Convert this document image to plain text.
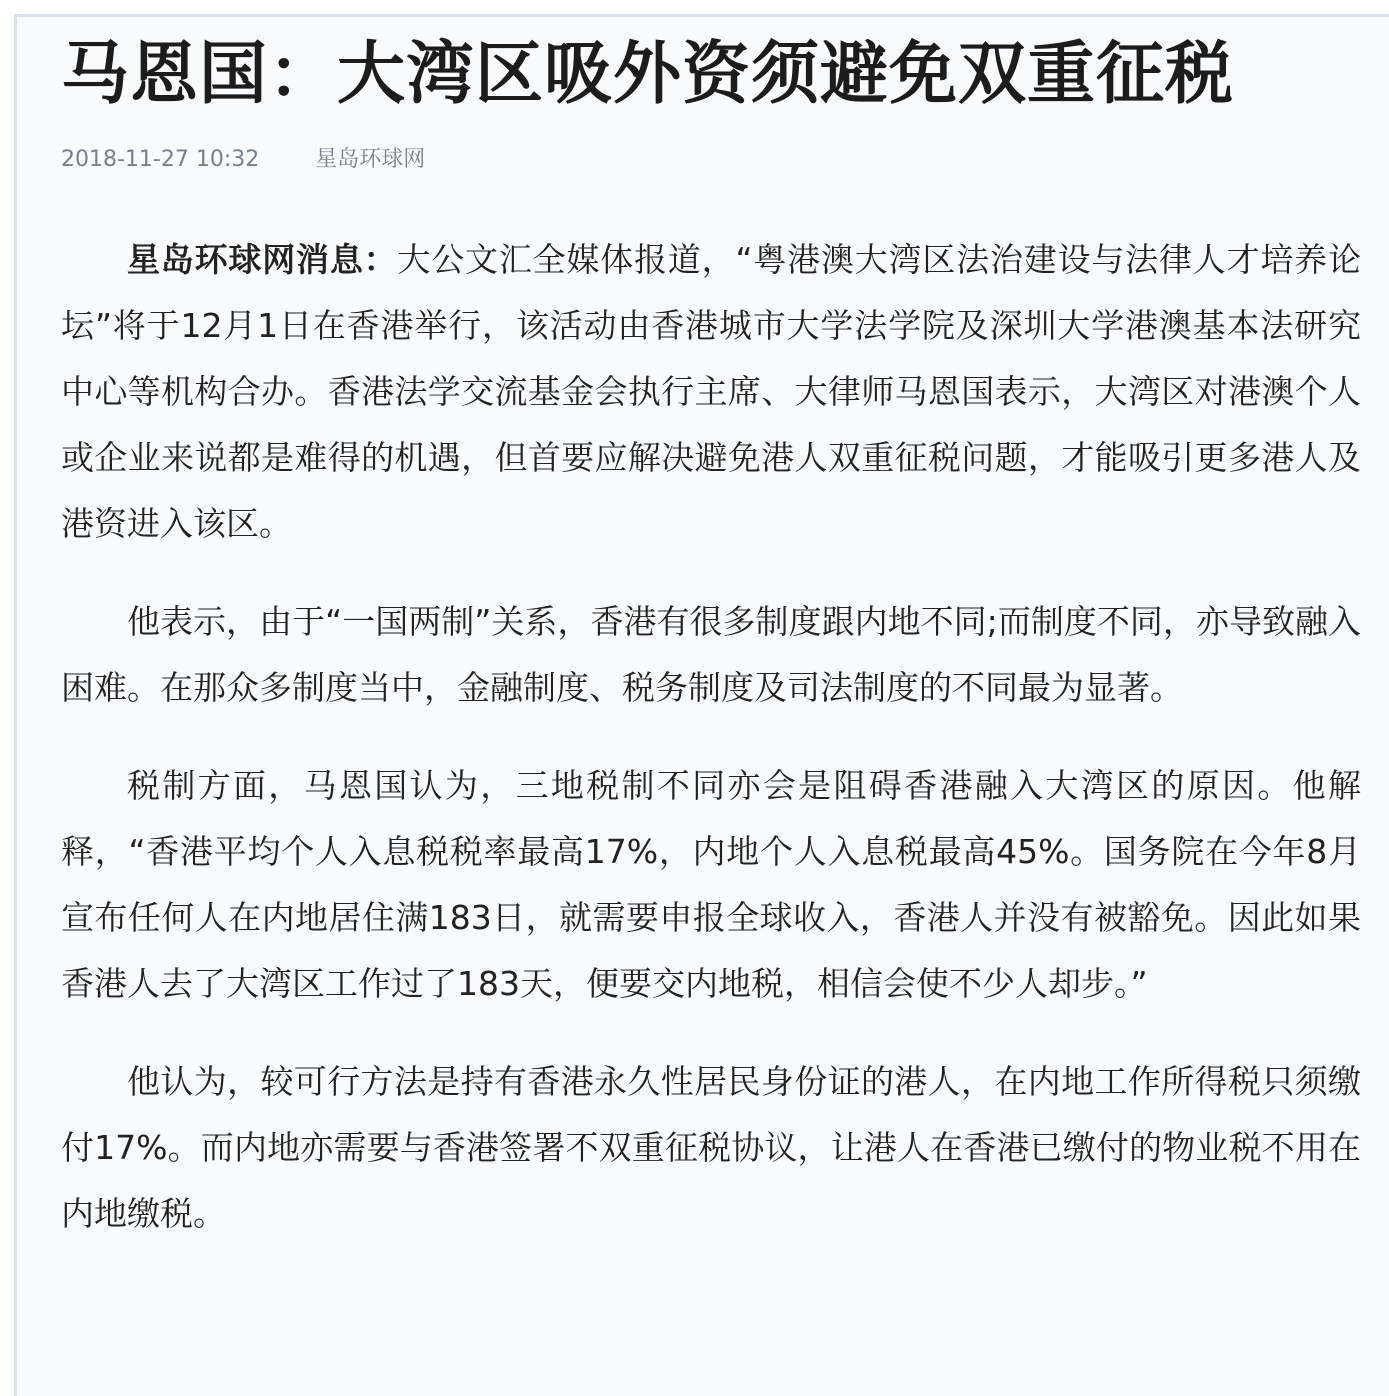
马恩国：大湾区吸外资须避免双重征税
2018-11-27 10:32	星岛环球网

星岛环球网消息：大公文汇全媒体报道，“粤港澳大湾区法治建设与法律人才培养论坛”将于12月1日在香港举行，该活动由香港城市大学法学院及深圳大学港澳基本法研究中心等机构合办。香港法学交流基金会执行主席、大律师马恩国表示，大湾区对港澳个人或企业来说都是难得的机遇，但首要应解决避免港人双重征税问题，才能吸引更多港人及港资进入该区。

他表示，由于“一国两制”关系，香港有很多制度跟内地不同;而制度不同，亦导致融入困难。在那众多制度当中，金融制度、税务制度及司法制度的不同最为显著。

税制方面，马恩国认为，三地税制不同亦会是阻碍香港融入大湾区的原因。他解释，“香港平均个人入息税税率最高17%，内地个人入息税最高45%。国务院在今年8月宣布任何人在内地居住满183日，就需要申报全球收入，香港人并没有被豁免。因此如果香港人去了大湾区工作过了183天，便要交内地税，相信会使不少人却步。”

他认为，较可行方法是持有香港永久性居民身份证的港人，在内地工作所得税只须缴付17%。而内地亦需要与香港签署不双重征税协议，让港人在香港已缴付的物业税不用在内地缴税。
